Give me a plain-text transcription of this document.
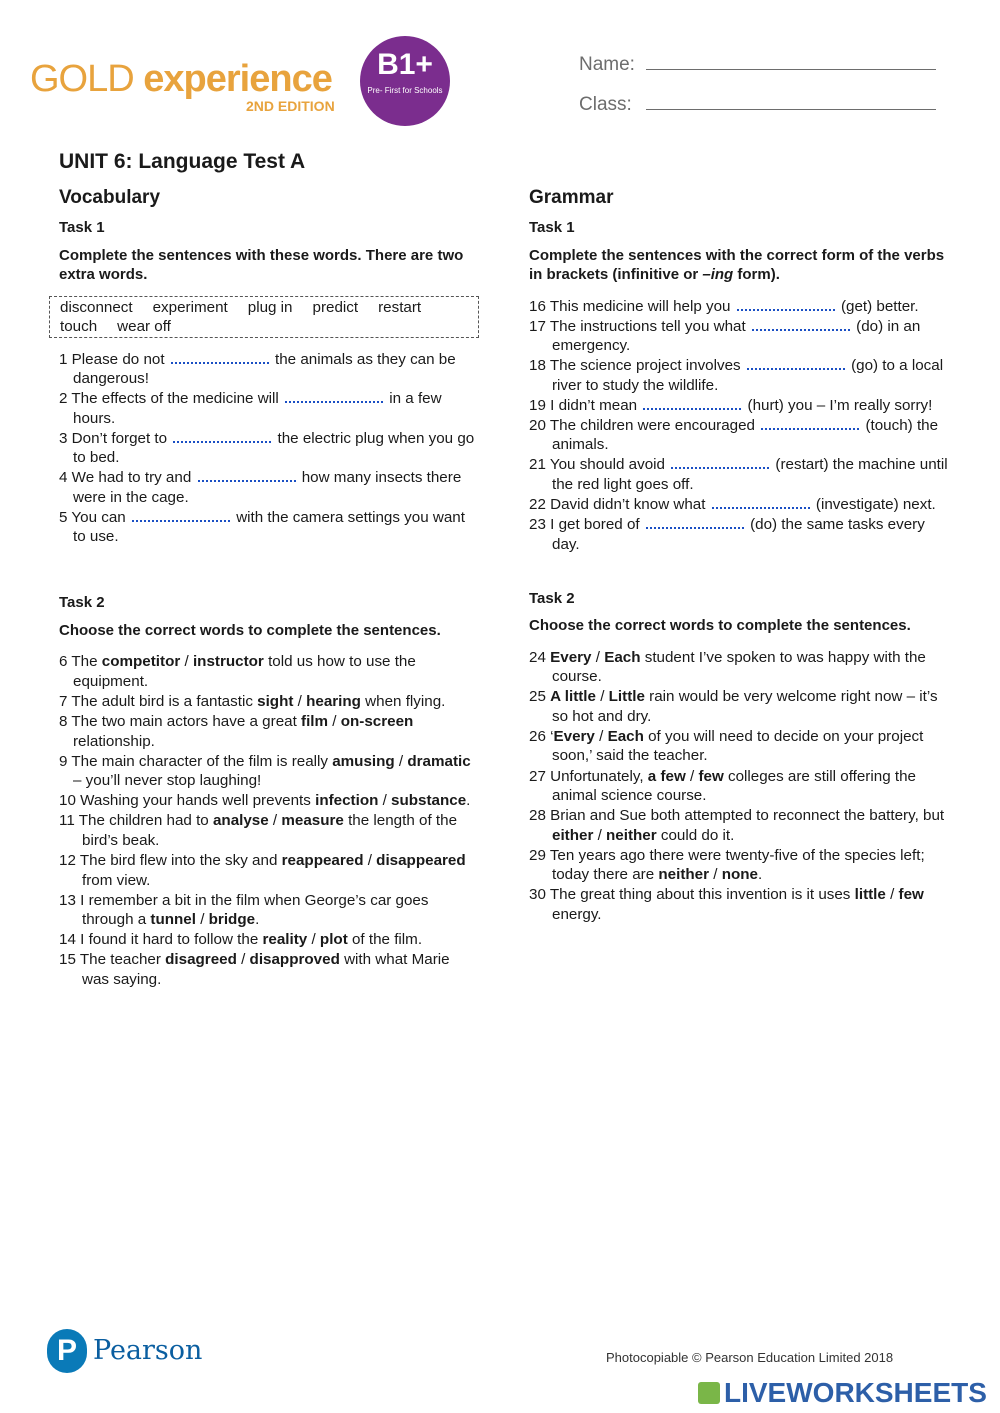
GOLD experience
2ND EDITION
B1+
Pre- First for Schools
Name:
Class:
UNIT 6: Language Test A
Vocabulary	Grammar
Task 1
Complete the sentences with these words. There are two extra words.
disconnect experiment plug in predict restart
touch wear off
1 Please do not	the animals as they can be dangerous!
2 The effects of the medicine will	in a few hours.
3 Don’t forget to	the electric plug when you go to bed.
4 We had to try and	how many insects there were in the cage.
5 You can	with the camera settings you want to use.
Task 2
Choose the correct words to complete the sentences.
6 The competitor / instructor told us how to use the equipment.
7 The adult bird is a fantastic sight / hearing when flying.
8 The two main actors have a great film / on-screen relationship.
9 The main character of the film is really amusing / dramatic – you’ll never stop laughing!
10 Washing your hands well prevents infection / substance.
11 The children had to analyse / measure the length of the bird’s beak.
12 The bird flew into the sky and reappeared / disappeared from view.
13 I remember a bit in the film when George’s car goes through a tunnel / bridge.
14 I found it hard to follow the reality / plot of the film.
15 The teacher disagreed / disapproved with what Marie was saying.
Task 1
Complete the sentences with the correct form of the verbs in brackets (infinitive or –ing form).
16 This medicine will help you	(get) better.
17 The instructions tell you what	(do) in an emergency.
18 The science project involves	(go) to a local river to study the wildlife.
19 I didn’t mean	(hurt) you – I’m really sorry!
20 The children were encouraged	(touch) the animals.
21 You should avoid	(restart) the machine until the red light goes off.
22 David didn’t know what	(investigate) next.
23 I get bored of	(do) the same tasks every day.
Task 2
Choose the correct words to complete the sentences.
24 Every / Each student I’ve spoken to was happy with the course.
25 A little / Little rain would be very welcome right now – it’s so hot and dry.
26 ‘Every / Each of you will need to decide on your project soon,’ said the teacher.
27 Unfortunately, a few / few colleges are still offering the animal science course.
28 Brian and Sue both attempted to reconnect the battery, but either / neither could do it.
29 Ten years ago there were twenty-five of the species left; today there are neither / none.
30 The great thing about this invention is it uses little / few energy.
P Pearson	Photocopiable © Pearson Education Limited 2018
LIVEWORKSHEETS
